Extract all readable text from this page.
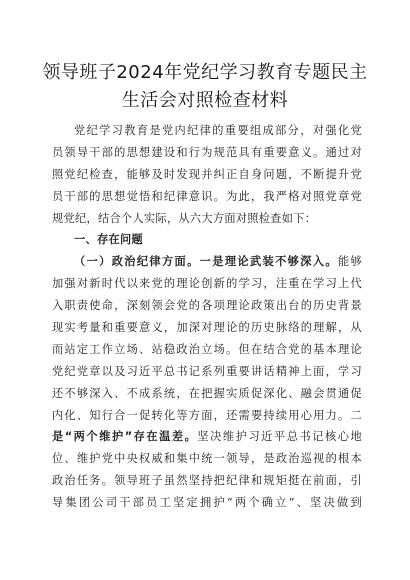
领导班子2024年党纪学习教育专题民主
生活会对照检查材料
党纪学习教育是党内纪律的重要组成部分，对强化党
员领导干部的思想建设和行为规范具有重要意义。通过对
照党纪检查，能够及时发现并纠正自身问题，不断提升党
员干部的思想觉悟和纪律意识。为此，我严格对照党章党
规党纪，结合个人实际，从六大方面对照检查如下：
一、存在问题
（一）政治纪律方面。一是理论武装不够深入。能够
加强对新时代以来党的理论创新的学习，注重在学习上代
入职责使命，深刻领会党的各项理论政策出台的历史背景
现实考量和重要意义，加深对理论的历史脉络的理解，从
而站定工作立场、站稳政治立场。但在结合党的基本理论
党纪党章以及习近平总书记系列重要讲话精神上面，学习
还不够深入、不成系统，在把握实质促深化、融会贯通促
内化、知行合一促转化等方面，还需要持续用心用力。二
是“两个维护”存在温差。坚决维护习近平总书记核心地
位、维护党中央权威和集中统一领导，是政治巡视的根本
政治任务。领导班子虽然坚持把纪律和规矩挺在前面，引
导集团公司干部员工坚定拥护“两个确立”、坚决做到
